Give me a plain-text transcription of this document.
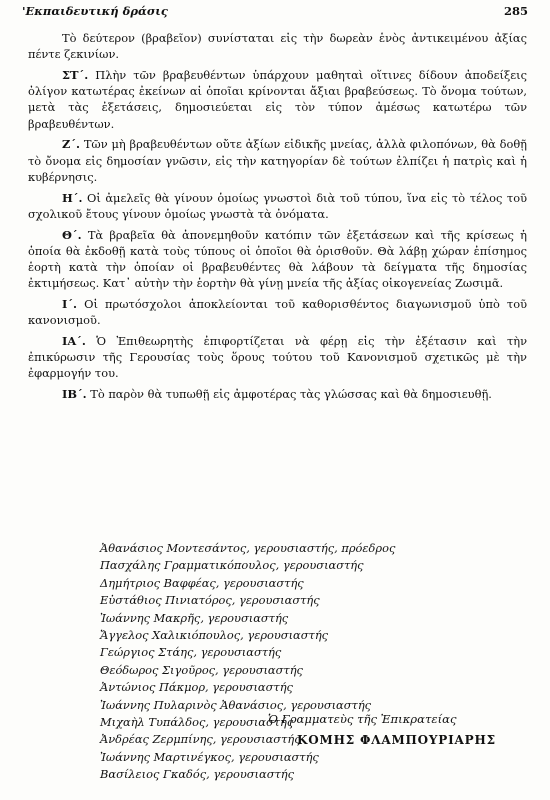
'Εκπαιδευτική δράσις	285

Τὸ δεύτερον (βραβεῖον) συνίσταται εἰς τὴν δωρεὰν ἑνὸς ἀντικειμένου ἀξίας πέντε ζεκινίων.

ΣΤ΄. Πλὴν τῶν βραβευθέντων ὑπάρχουν μαθηταὶ οἵτινες δίδουν ἀποδείξεις ὀλίγον κατωτέρας ἐκείνων αἱ ὁποῖαι κρίνονται ἄξιαι βραβεύσεως. Τὸ ὄνομα τούτων, μετὰ τὰς ἐξετάσεις, δημοσιεύεται εἰς τὸν τύπον ἀμέσως κατωτέρω τῶν βραβευθέντων.

Ζ΄. Τῶν μὴ βραβευθέντων οὔτε ἀξίων εἰδικῆς μνείας, ἀλλὰ φιλοπόνων, θὰ δοθῇ τὸ ὄνομα εἰς δημοσίαν γνῶσιν, εἰς τὴν κατηγορίαν δὲ τούτων ἐλπίζει ἡ πατρὶς καὶ ἡ κυβέρνησις.

Η΄. Οἱ ἀμελεῖς θὰ γίνουν ὁμοίως γνωστοὶ διὰ τοῦ τύπου, ἵνα εἰς τὸ τέλος τοῦ σχολικοῦ ἔτους γίνουν ὁμοίως γνωστὰ τὰ ὀνόματα.

Θ΄. Τὰ βραβεῖα θὰ ἀπονεμηθοῦν κατόπιν τῶν ἐξετάσεων καὶ τῆς κρίσεως ἡ ὁποία θὰ ἐκδοθῇ κατὰ τοὺς τύπους οἱ ὁποῖοι θὰ ὁρισθοῦν. Θὰ λάβῃ χώραν ἐπίσημος ἑορτὴ κατὰ τὴν ὁποίαν οἱ βραβευθέντες θὰ λάβουν τὰ δείγματα τῆς δημοσίας ἐκτιμήσεως. Κατ᾽ αὐτὴν τὴν ἑορτὴν θὰ γίνῃ μνεία τῆς ἀξίας οἰκογενείας Ζωσιμᾶ.

Ι΄. Οἱ πρωτόσχολοι ἀποκλείονται τοῦ καθορισθέντος διαγωνισμοῦ ὑπὸ τοῦ κανονισμοῦ.

ΙΑ΄. Ὁ Ἐπιθεωρητὴς ἐπιφορτίζεται νὰ φέρῃ εἰς τὴν ἐξέτασιν καὶ τὴν ἐπικύρωσιν τῆς Γερουσίας τοὺς ὅρους τούτου τοῦ Κανονισμοῦ σχετικῶς μὲ τὴν ἐφαρμογήν του.

ΙΒ΄. Τὸ παρὸν θὰ τυπωθῇ εἰς ἀμφοτέρας τὰς γλώσσας καὶ θὰ δημοσιευθῇ.

Ἀθανάσιος Μοντεσάντος, γερουσιαστής, πρόεδρος
Πασχάλης Γραμματικόπουλος, γερουσιαστής
Δημήτριος Βαφφέας, γερουσιαστής
Εὐστάθιος Πινιατόρος, γερουσιαστής
Ἰωάννης Μακρῆς, γερουσιαστής
Ἄγγελος Χαλικιόπουλος, γερουσιαστής
Γεώργιος Στάης, γερουσιαστής
Θεόδωρος Σιγοῦρος, γερουσιαστής
Ἀντώνιος Πάκμορ, γερουσιαστής
Ἰωάννης Πυλαρινὸς Ἀθανάσιος, γερουσιαστής
Μιχαὴλ Τυπάλδος, γερουσιαστής
Ἀνδρέας Ζερμπίνης, γερουσιαστής
Ἰωάννης Μαρτινέγκος, γερουσιαστής
Βασίλειος Γκαδός, γερουσιαστής
Ὁ Γραμματεὺς τῆς Ἐπικρατείας
ΚΟΜΗΣ ΦΛΑΜΠΟΥΡΙΑΡΗΣ
